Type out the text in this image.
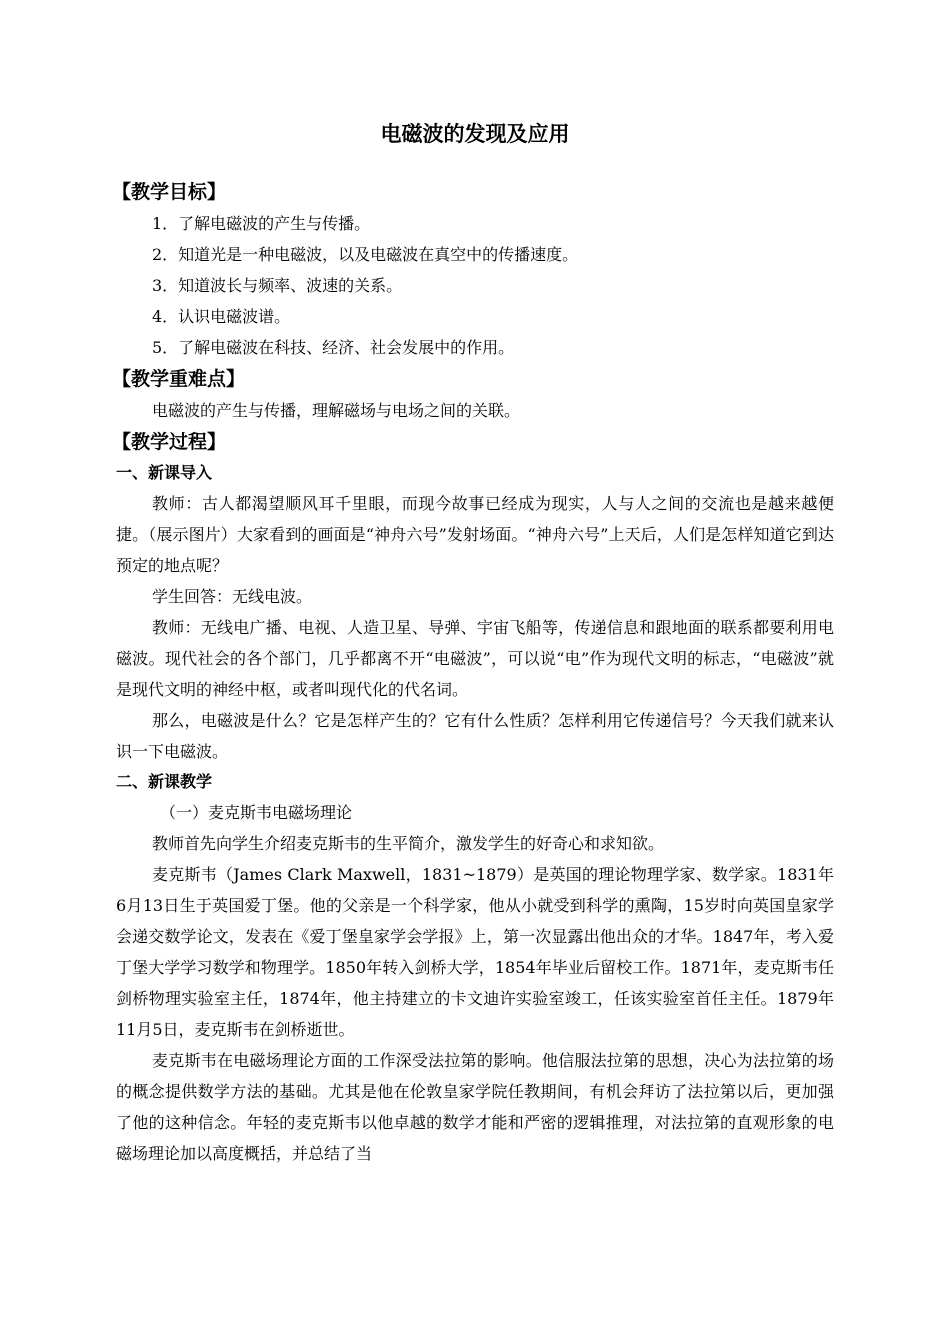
电磁波的发现及应用
【教学目标】

1．了解电磁波的产生与传播。

2．知道光是一种电磁波，以及电磁波在真空中的传播速度。

3．知道波长与频率、波速的关系。

4．认识电磁波谱。

5．了解电磁波在科技、经济、社会发展中的作用。

【教学重难点】

电磁波的产生与传播，理解磁场与电场之间的关联。

【教学过程】
一、新课导入

教师：古人都渴望顺风耳千里眼，而现今故事已经成为现实，人与人之间的交流也是越来越便捷。（展示图片）大家看到的画面是“神舟六号”发射场面。“神舟六号”上天后，人们是怎样知道它到达预定的地点呢？

学生回答：无线电波。

教师：无线电广播、电视、人造卫星、导弹、宇宙飞船等，传递信息和跟地面的联系都要利用电磁波。现代社会的各个部门，几乎都离不开“电磁波”，可以说“电”作为现代文明的标志，“电磁波”就是现代文明的神经中枢，或者叫现代化的代名词。

那么，电磁波是什么？它是怎样产生的？它有什么性质？怎样利用它传递信号？今天我们就来认识一下电磁波。

二、新课教学

（一）麦克斯韦电磁场理论

教师首先向学生介绍麦克斯韦的生平简介，激发学生的好奇心和求知欲。

麦克斯韦（James Clark Maxwell，1831~1879）是英国的理论物理学家、数学家。1831年6月13日生于英国爱丁堡。他的父亲是一个科学家，他从小就受到科学的熏陶，15岁时向英国皇家学会递交数学论文，发表在《爱丁堡皇家学会学报》上，第一次显露出他出众的才华。1847年，考入爱丁堡大学学习数学和物理学。1850年转入剑桥大学，1854年毕业后留校工作。1871年，麦克斯韦任剑桥物理实验室主任，1874年，他主持建立的卡文迪许实验室竣工，任该实验室首任主任。1879年11月5日，麦克斯韦在剑桥逝世。

麦克斯韦在电磁场理论方面的工作深受法拉第的影响。他信服法拉第的思想，决心为法拉第的场的概念提供数学方法的基础。尤其是他在伦敦皇家学院任教期间，有机会拜访了法拉第以后，更加强了他的这种信念。年轻的麦克斯韦以他卓越的数学才能和严密的逻辑推理，对法拉第的直观形象的电磁场理论加以高度概括，并总结了当
